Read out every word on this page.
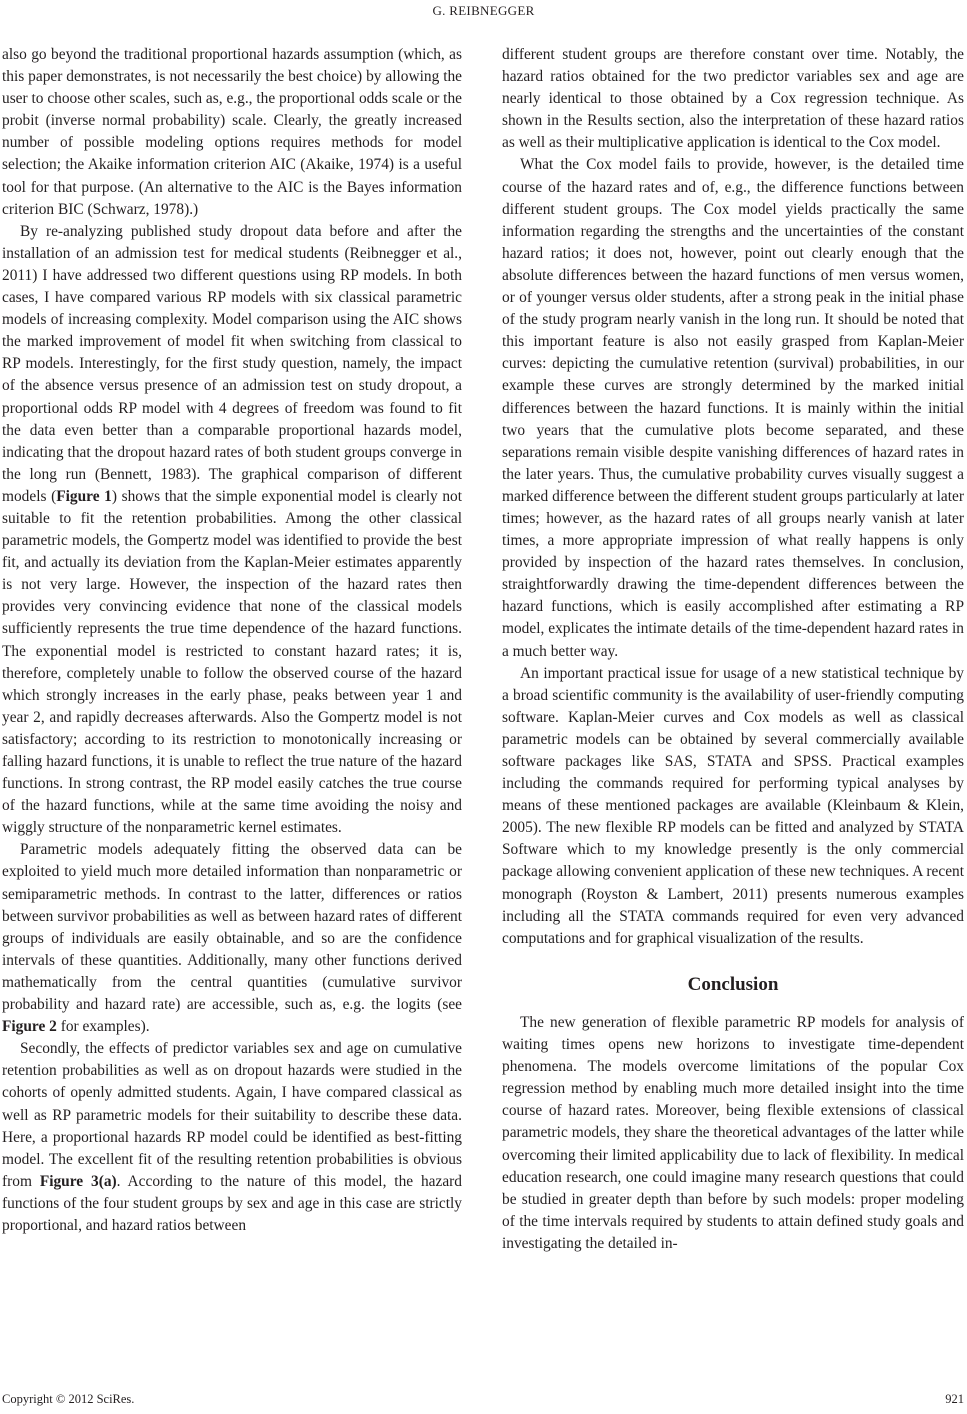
G. REIBNEGGER

also go beyond the traditional proportional hazards assumption (which, as this paper demonstrates, is not necessarily the best choice) by allowing the user to choose other scales, such as, e.g., the proportional odds scale or the probit (inverse normal probability) scale. Clearly, the greatly increased number of possible modeling options requires methods for model selection; the Akaike information criterion AIC (Akaike, 1974) is a useful tool for that purpose. (An alternative to the AIC is the Bayes information criterion BIC (Schwarz, 1978).)

By re-analyzing published study dropout data before and after the installation of an admission test for medical students (Reibnegger et al., 2011) I have addressed two different questions using RP models. In both cases, I have compared various RP models with six classical parametric models of increasing complexity. Model comparison using the AIC shows the marked improvement of model fit when switching from classical to RP models. Interestingly, for the first study question, namely, the impact of the absence versus presence of an admission test on study dropout, a proportional odds RP model with 4 degrees of freedom was found to fit the data even better than a comparable proportional hazards model, indicating that the dropout hazard rates of both student groups converge in the long run (Bennett, 1983). The graphical comparison of different models (Figure 1) shows that the simple exponential model is clearly not suitable to fit the retention probabilities. Among the other classical parametric models, the Gompertz model was identified to provide the best fit, and actually its deviation from the Kaplan-Meier estimates apparently is not very large. However, the inspection of the hazard rates then provides very convincing evidence that none of the classical models sufficiently represents the true time dependence of the hazard functions. The exponential model is restricted to constant hazard rates; it is, therefore, completely unable to follow the observed course of the hazard which strongly increases in the early phase, peaks between year 1 and year 2, and rapidly decreases afterwards. Also the Gompertz model is not satisfactory; according to its restriction to monotonically increasing or falling hazard functions, it is unable to reflect the true nature of the hazard functions. In strong contrast, the RP model easily catches the true course of the hazard functions, while at the same time avoiding the noisy and wiggly structure of the nonparametric kernel estimates.

Parametric models adequately fitting the observed data can be exploited to yield much more detailed information than nonparametric or semiparametric methods. In contrast to the latter, differences or ratios between survivor probabilities as well as between hazard rates of different groups of individuals are easily obtainable, and so are the confidence intervals of these quantities. Additionally, many other functions derived mathematically from the central quantities (cumulative survivor probability and hazard rate) are accessible, such as, e.g. the logits (see Figure 2 for examples).

Secondly, the effects of predictor variables sex and age on cumulative retention probabilities as well as on dropout hazards were studied in the cohorts of openly admitted students. Again, I have compared classical as well as RP parametric models for their suitability to describe these data. Here, a proportional hazards RP model could be identified as best-fitting model. The excellent fit of the resulting retention probabilities is obvious from Figure 3(a). According to the nature of this model, the hazard functions of the four student groups by sex and age in this case are strictly proportional, and hazard ratios between

different student groups are therefore constant over time. Notably, the hazard ratios obtained for the two predictor variables sex and age are nearly identical to those obtained by a Cox regression technique. As shown in the Results section, also the interpretation of these hazard ratios as well as their multiplicative application is identical to the Cox model.

What the Cox model fails to provide, however, is the detailed time course of the hazard rates and of, e.g., the difference functions between different student groups. The Cox model yields practically the same information regarding the strengths and the uncertainties of the constant hazard ratios; it does not, however, point out clearly enough that the absolute differences between the hazard functions of men versus women, or of younger versus older students, after a strong peak in the initial phase of the study program nearly vanish in the long run. It should be noted that this important feature is also not easily grasped from Kaplan-Meier curves: depicting the cumulative retention (survival) probabilities, in our example these curves are strongly determined by the marked initial differences between the hazard functions. It is mainly within the initial two years that the cumulative plots become separated, and these separations remain visible despite vanishing differences of hazard rates in the later years. Thus, the cumulative probability curves visually suggest a marked difference between the different student groups particularly at later times; however, as the hazard rates of all groups nearly vanish at later times, a more appropriate impression of what really happens is only provided by inspection of the hazard rates themselves. In conclusion, straightforwardly drawing the time-dependent differences between the hazard functions, which is easily accomplished after estimating a RP model, explicates the intimate details of the time-dependent hazard rates in a much better way.

An important practical issue for usage of a new statistical technique by a broad scientific community is the availability of user-friendly computing software. Kaplan-Meier curves and Cox models as well as classical parametric models can be obtained by several commercially available software packages like SAS, STATA and SPSS. Practical examples including the commands required for performing typical analyses by means of these mentioned packages are available (Kleinbaum & Klein, 2005). The new flexible RP models can be fitted and analyzed by STATA Software which to my knowledge presently is the only commercial package allowing convenient application of these new techniques. A recent monograph (Royston & Lambert, 2011) presents numerous examples including all the STATA commands required for even very advanced computations and for graphical visualization of the results.

Conclusion

The new generation of flexible parametric RP models for analysis of waiting times opens new horizons to investigate time-dependent phenomena. The models overcome limitations of the popular Cox regression method by enabling much more detailed insight into the time course of hazard rates. Moreover, being flexible extensions of classical parametric models, they share the theoretical advantages of the latter while overcoming their limited applicability due to lack of flexibility. In medical education research, one could imagine many research questions that could be studied in greater depth than before by such models: proper modeling of the time intervals required by students to attain defined study goals and investigating the detailed in-

Copyright © 2012 SciRes.	921
